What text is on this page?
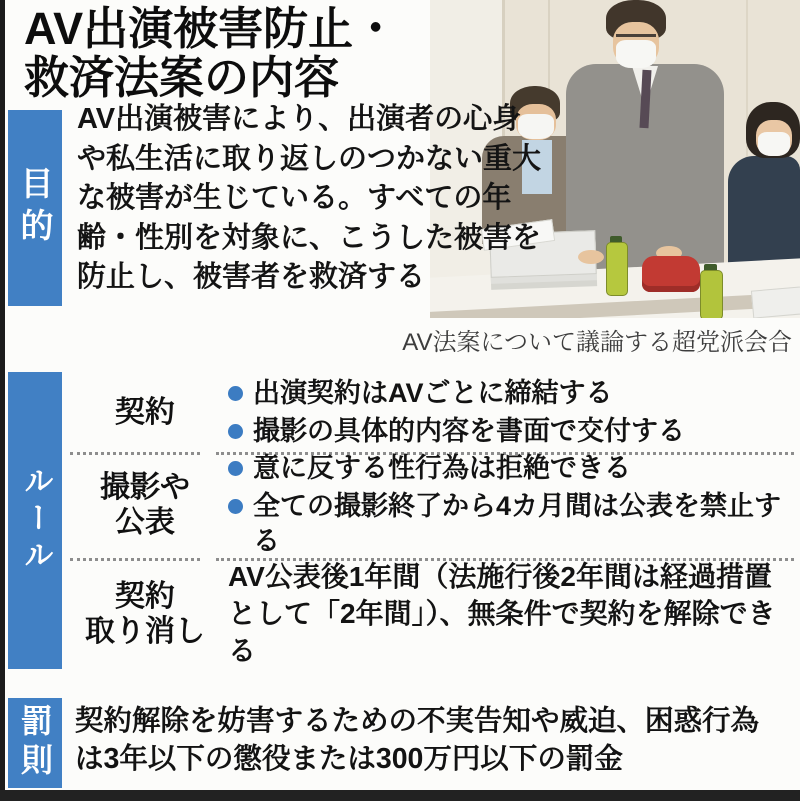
AV出演被害防止・
救済法案の内容
目的
AV出演被害により、出演者の心身や私生活に取り返しのつかない重大な被害が生じている。すべての年齢・性別を対象に、こうした被害を防止し、被害者を救済する
AV法案について議論する超党派会合
ルール
契約
出演契約はAVごとに締結する
撮影の具体的内容を書面で交付する
撮影や
公表
意に反する性行為は拒絶できる
全ての撮影終了から4カ月間は公表を禁止する
契約
取り消し
AV公表後1年間（法施行後2年間は経過措置として「2年間」）、無条件で契約を解除できる
罰則 契約解除を妨害するための不実告知や威迫、困惑行為は3年以下の懲役または300万円以下の罰金
